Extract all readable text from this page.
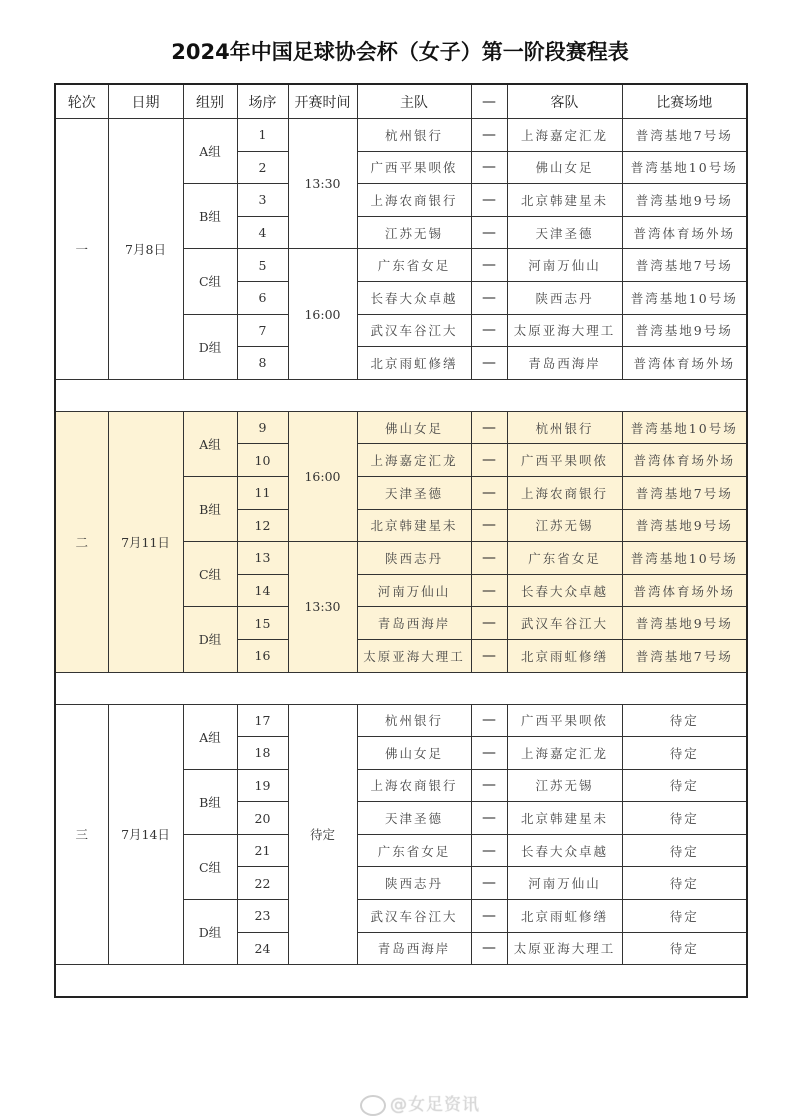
2024年中国足球协会杯（女子）第一阶段赛程表
轮次	日期	组别	场序	开赛时间	主队	—	客队	比赛场地
一	7月8日	A组	1	13:30	杭州银行	—	上海嘉定汇龙	普湾基地7号场
			2		广西平果呗侬	—	佛山女足	普湾基地10号场
		B组	3		上海农商银行	—	北京韩建星未	普湾基地9号场
			4		江苏无锡	—	天津圣德	普湾体育场外场
		C组	5	16:00	广东省女足	—	河南万仙山	普湾基地7号场
			6		长春大众卓越	—	陕西志丹	普湾基地10号场
		D组	7		武汉车谷江大	—	太原亚海大理工	普湾基地9号场
			8		北京雨虹修缮	—	青岛西海岸	普湾体育场外场

二	7月11日	A组	9	16:00	佛山女足	—	杭州银行	普湾基地10号场
			10		上海嘉定汇龙	—	广西平果呗侬	普湾体育场外场
		B组	11		天津圣德	—	上海农商银行	普湾基地7号场
			12		北京韩建星未	—	江苏无锡	普湾基地9号场
		C组	13	13:30	陕西志丹	—	广东省女足	普湾基地10号场
			14		河南万仙山	—	长春大众卓越	普湾体育场外场
		D组	15		青岛西海岸	—	武汉车谷江大	普湾基地9号场
			16		太原亚海大理工	—	北京雨虹修缮	普湾基地7号场

三	7月14日	A组	17	待定	杭州银行	—	广西平果呗侬	待定
			18		佛山女足	—	上海嘉定汇龙	待定
		B组	19		上海农商银行	—	江苏无锡	待定
			20		天津圣德	—	北京韩建星未	待定
		C组	21		广东省女足	—	长春大众卓越	待定
			22		陕西志丹	—	河南万仙山	待定
		D组	23		武汉车谷江大	—	北京雨虹修缮	待定
			24		青岛西海岸	—	太原亚海大理工	待定

@女足资讯
